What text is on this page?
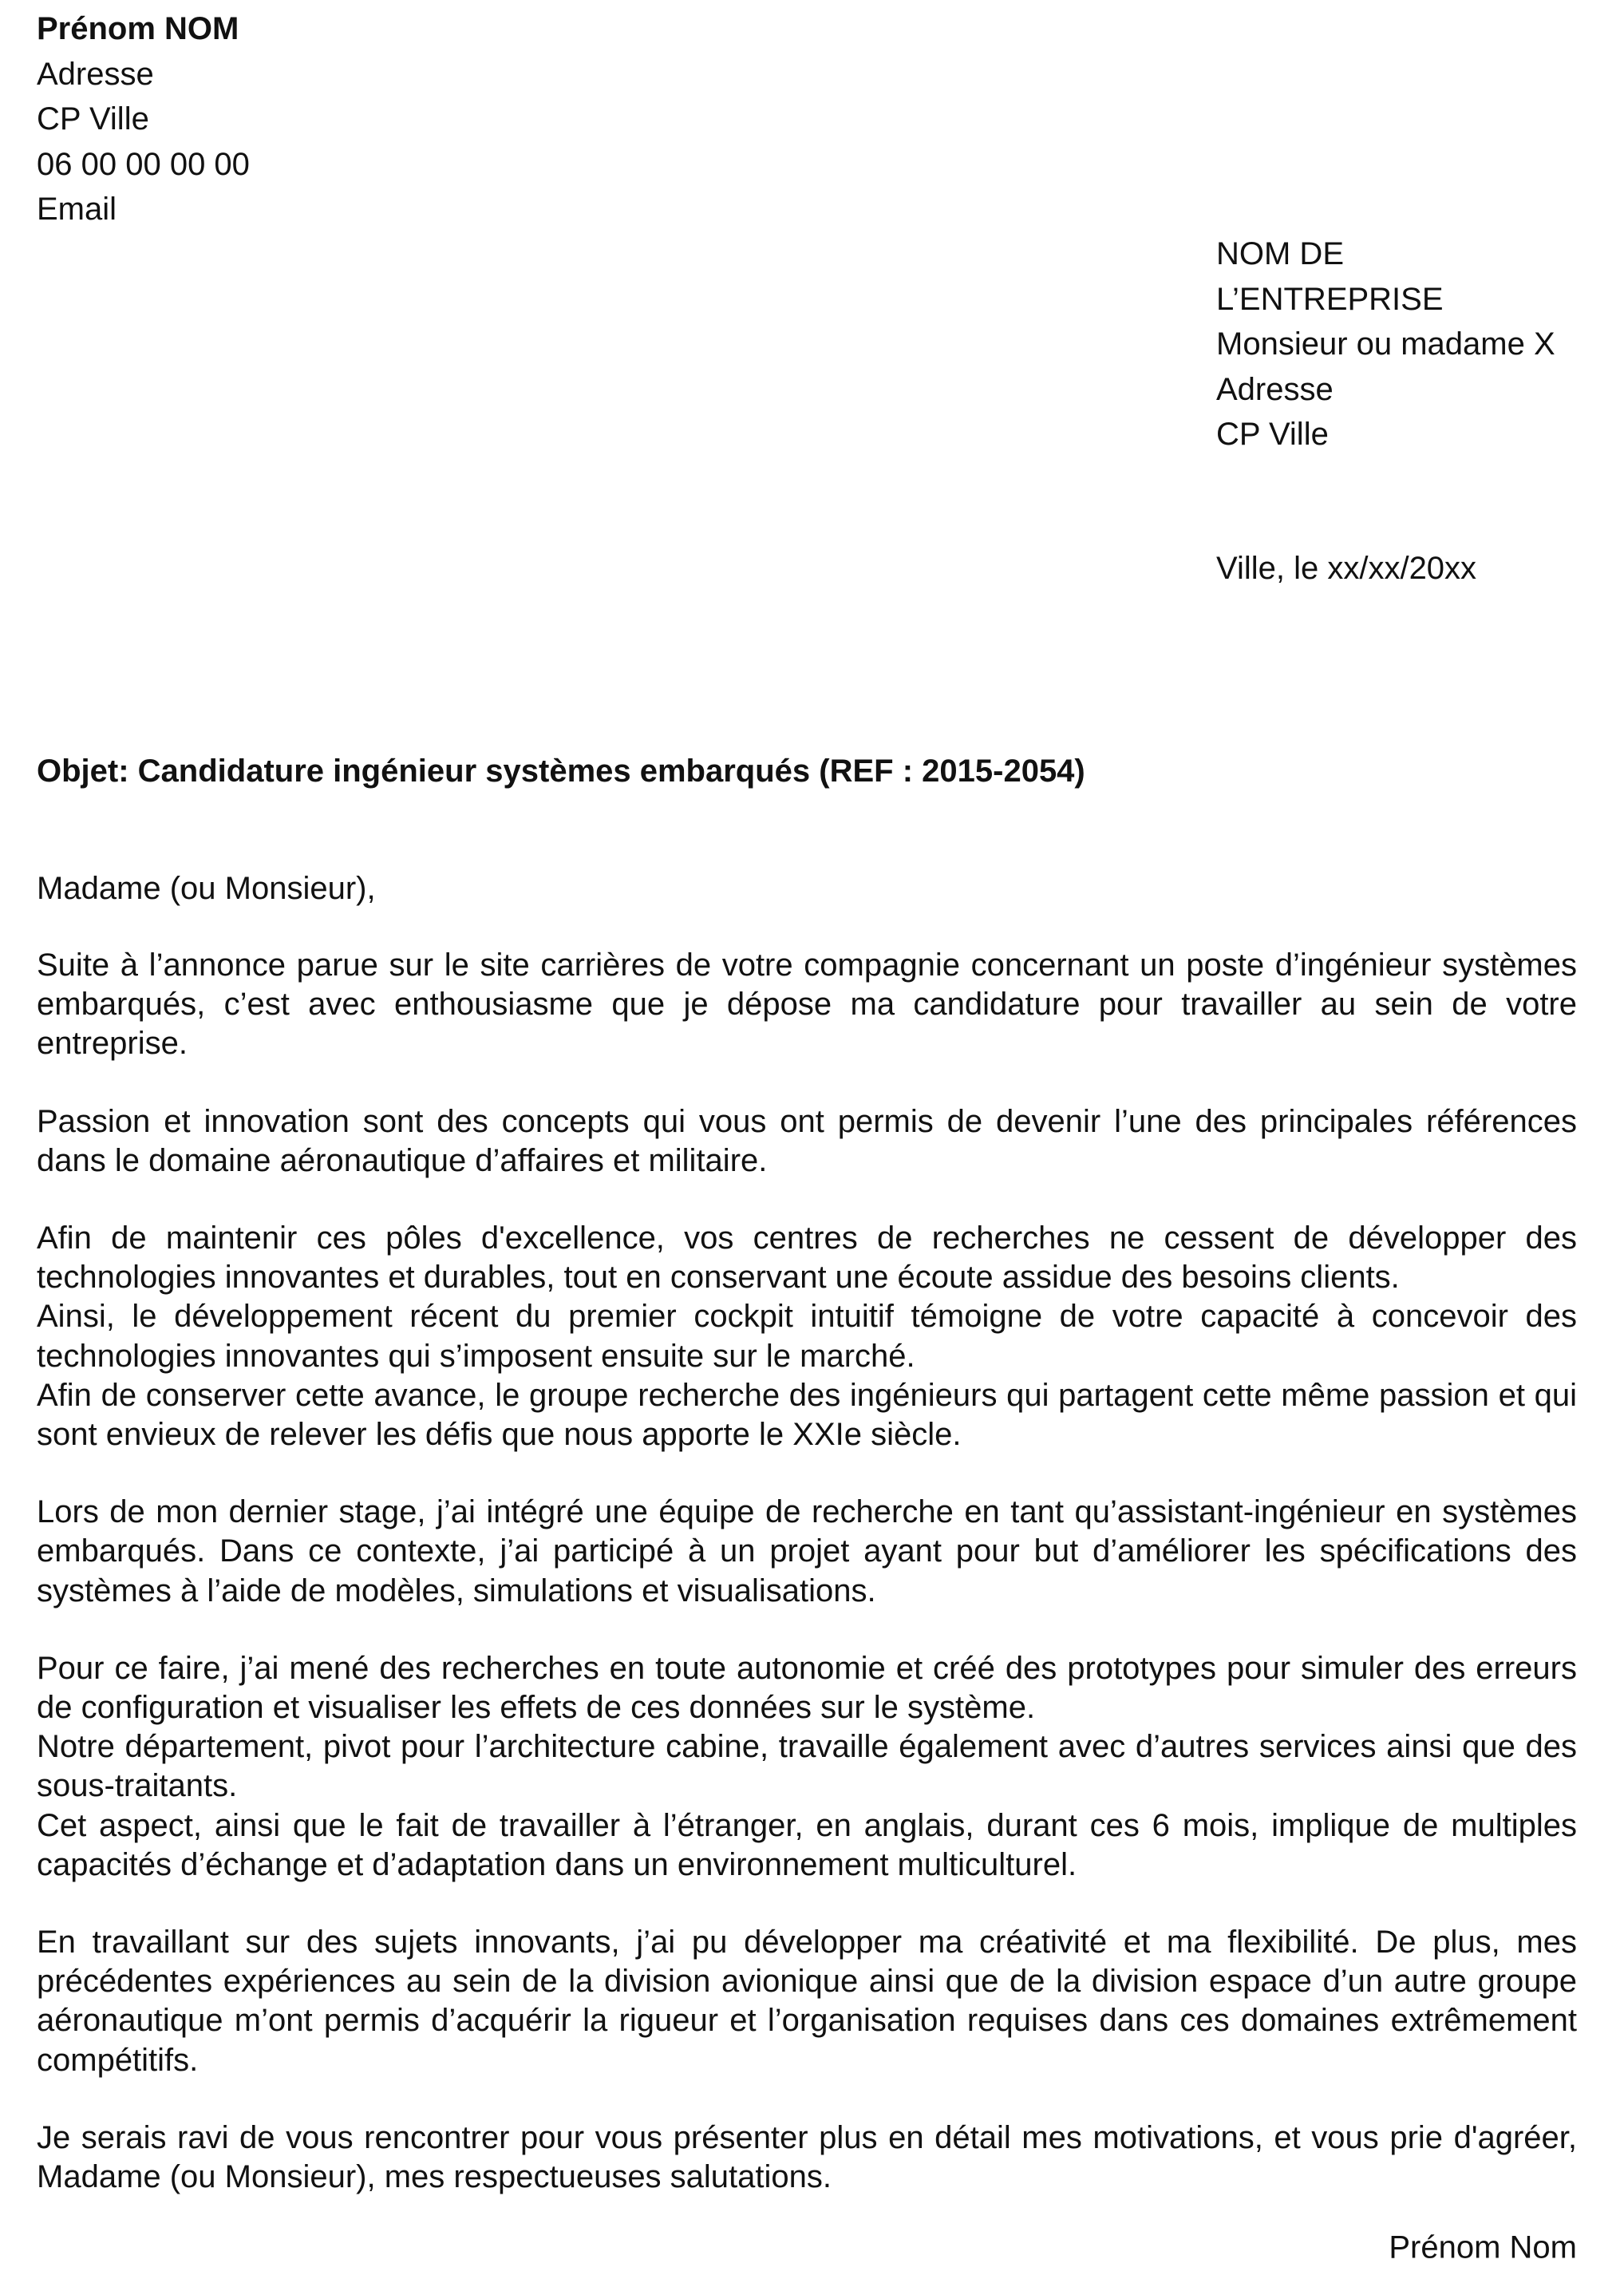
Prénom NOM
Adresse
CP Ville
06 00 00 00 00
Email
NOM DE
L’ENTREPRISE
Monsieur ou madame X
Adresse
CP Ville
Ville, le xx/xx/20xx
Objet: Candidature ingénieur systèmes embarqués (REF : 2015-2054)
Madame (ou Monsieur),

Suite à l’annonce parue sur le site carrières de votre compagnie concernant un poste d’ingénieur systèmes embarqués, c’est avec enthousiasme que je dépose ma candidature pour travailler au sein de votre entreprise.

Passion et innovation sont des concepts qui vous ont permis de devenir l’une des principales références dans le domaine aéronautique d’affaires et militaire.

Afin de maintenir ces pôles d'excellence, vos centres de recherches ne cessent de développer des technologies innovantes et durables, tout en conservant une écoute assidue des besoins clients.

Ainsi, le développement récent du premier cockpit intuitif témoigne de votre capacité à concevoir des technologies innovantes qui s’imposent ensuite sur le marché.

Afin de conserver cette avance, le groupe recherche des ingénieurs qui partagent cette même passion et qui sont envieux de relever les défis que nous apporte le XXIe siècle.

Lors de mon dernier stage, j’ai intégré une équipe de recherche en tant qu’assistant-ingénieur en systèmes embarqués. Dans ce contexte, j’ai participé à un projet ayant pour but d’améliorer les spécifications des systèmes à l’aide de modèles, simulations et visualisations.

Pour ce faire, j’ai mené des recherches en toute autonomie et créé des prototypes pour simuler des erreurs de configuration et visualiser les effets de ces données sur le système.

Notre département, pivot pour l’architecture cabine, travaille également avec d’autres services ainsi que des sous-traitants.

Cet aspect, ainsi que le fait de travailler à l’étranger, en anglais, durant ces 6 mois, implique de multiples capacités d’échange et d’adaptation dans un environnement multiculturel.

En travaillant sur des sujets innovants, j’ai pu développer ma créativité et ma flexibilité. De plus, mes précédentes expériences au sein de la division avionique ainsi que de la division espace d’un autre groupe aéronautique m’ont permis d’acquérir la rigueur et l’organisation requises dans ces domaines extrêmement compétitifs.

Je serais ravi de vous rencontrer pour vous présenter plus en détail mes motivations, et vous prie d'agréer, Madame (ou Monsieur), mes respectueuses salutations.

Prénom Nom
